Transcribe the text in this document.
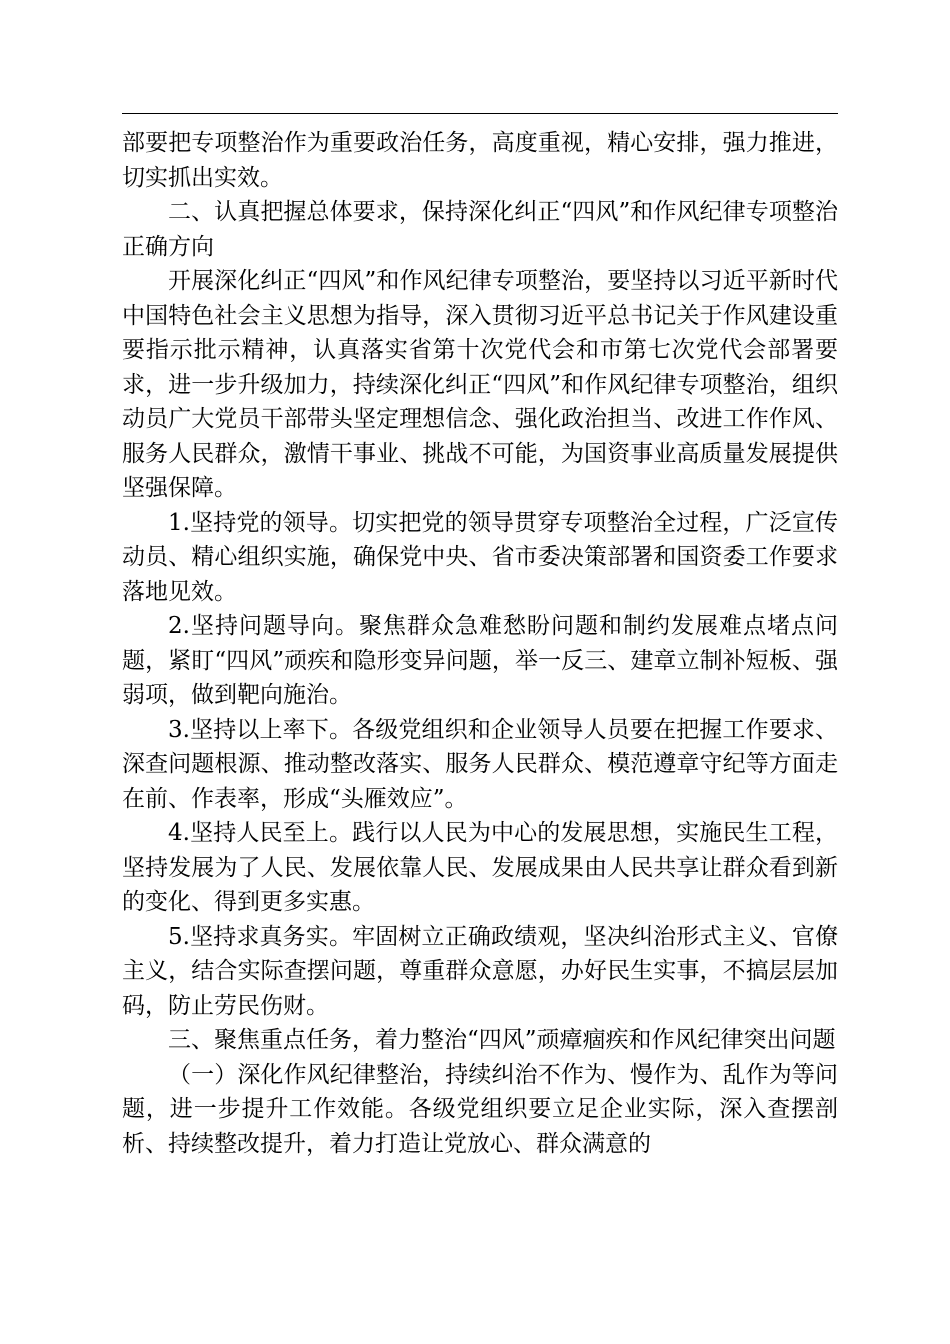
部要把专项整治作为重要政治任务，高度重视，精心安排，强力推进，切实抓出实效。

二、认真把握总体要求，保持深化纠正“四风”和作风纪律专项整治正确方向

开展深化纠正“四风”和作风纪律专项整治，要坚持以习近平新时代中国特色社会主义思想为指导，深入贯彻习近平总书记关于作风建设重要指示批示精神，认真落实省第十次党代会和市第七次党代会部署要求，进一步升级加力，持续深化纠正“四风”和作风纪律专项整治，组织动员广大党员干部带头坚定理想信念、强化政治担当、改进工作作风、服务人民群众，激情干事业、挑战不可能，为国资事业高质量发展提供坚强保障。

1.坚持党的领导。切实把党的领导贯穿专项整治全过程，广泛宣传动员、精心组织实施，确保党中央、省市委决策部署和国资委工作要求落地见效。

2.坚持问题导向。聚焦群众急难愁盼问题和制约发展难点堵点问题，紧盯“四风”顽疾和隐形变异问题，举一反三、建章立制补短板、强弱项，做到靶向施治。

3.坚持以上率下。各级党组织和企业领导人员要在把握工作要求、深查问题根源、推动整改落实、服务人民群众、模范遵章守纪等方面走在前、作表率，形成“头雁效应”。

4.坚持人民至上。践行以人民为中心的发展思想，实施民生工程，坚持发展为了人民、发展依靠人民、发展成果由人民共享让群众看到新的变化、得到更多实惠。

5.坚持求真务实。牢固树立正确政绩观，坚决纠治形式主义、官僚主义，结合实际查摆问题，尊重群众意愿，办好民生实事，不搞层层加码，防止劳民伤财。

三、聚焦重点任务，着力整治“四风”顽瘴痼疾和作风纪律突出问题

（一）深化作风纪律整治，持续纠治不作为、慢作为、乱作为等问题，进一步提升工作效能。各级党组织要立足企业实际，深入查摆剖析、持续整改提升，着力打造让党放心、群众满意的
